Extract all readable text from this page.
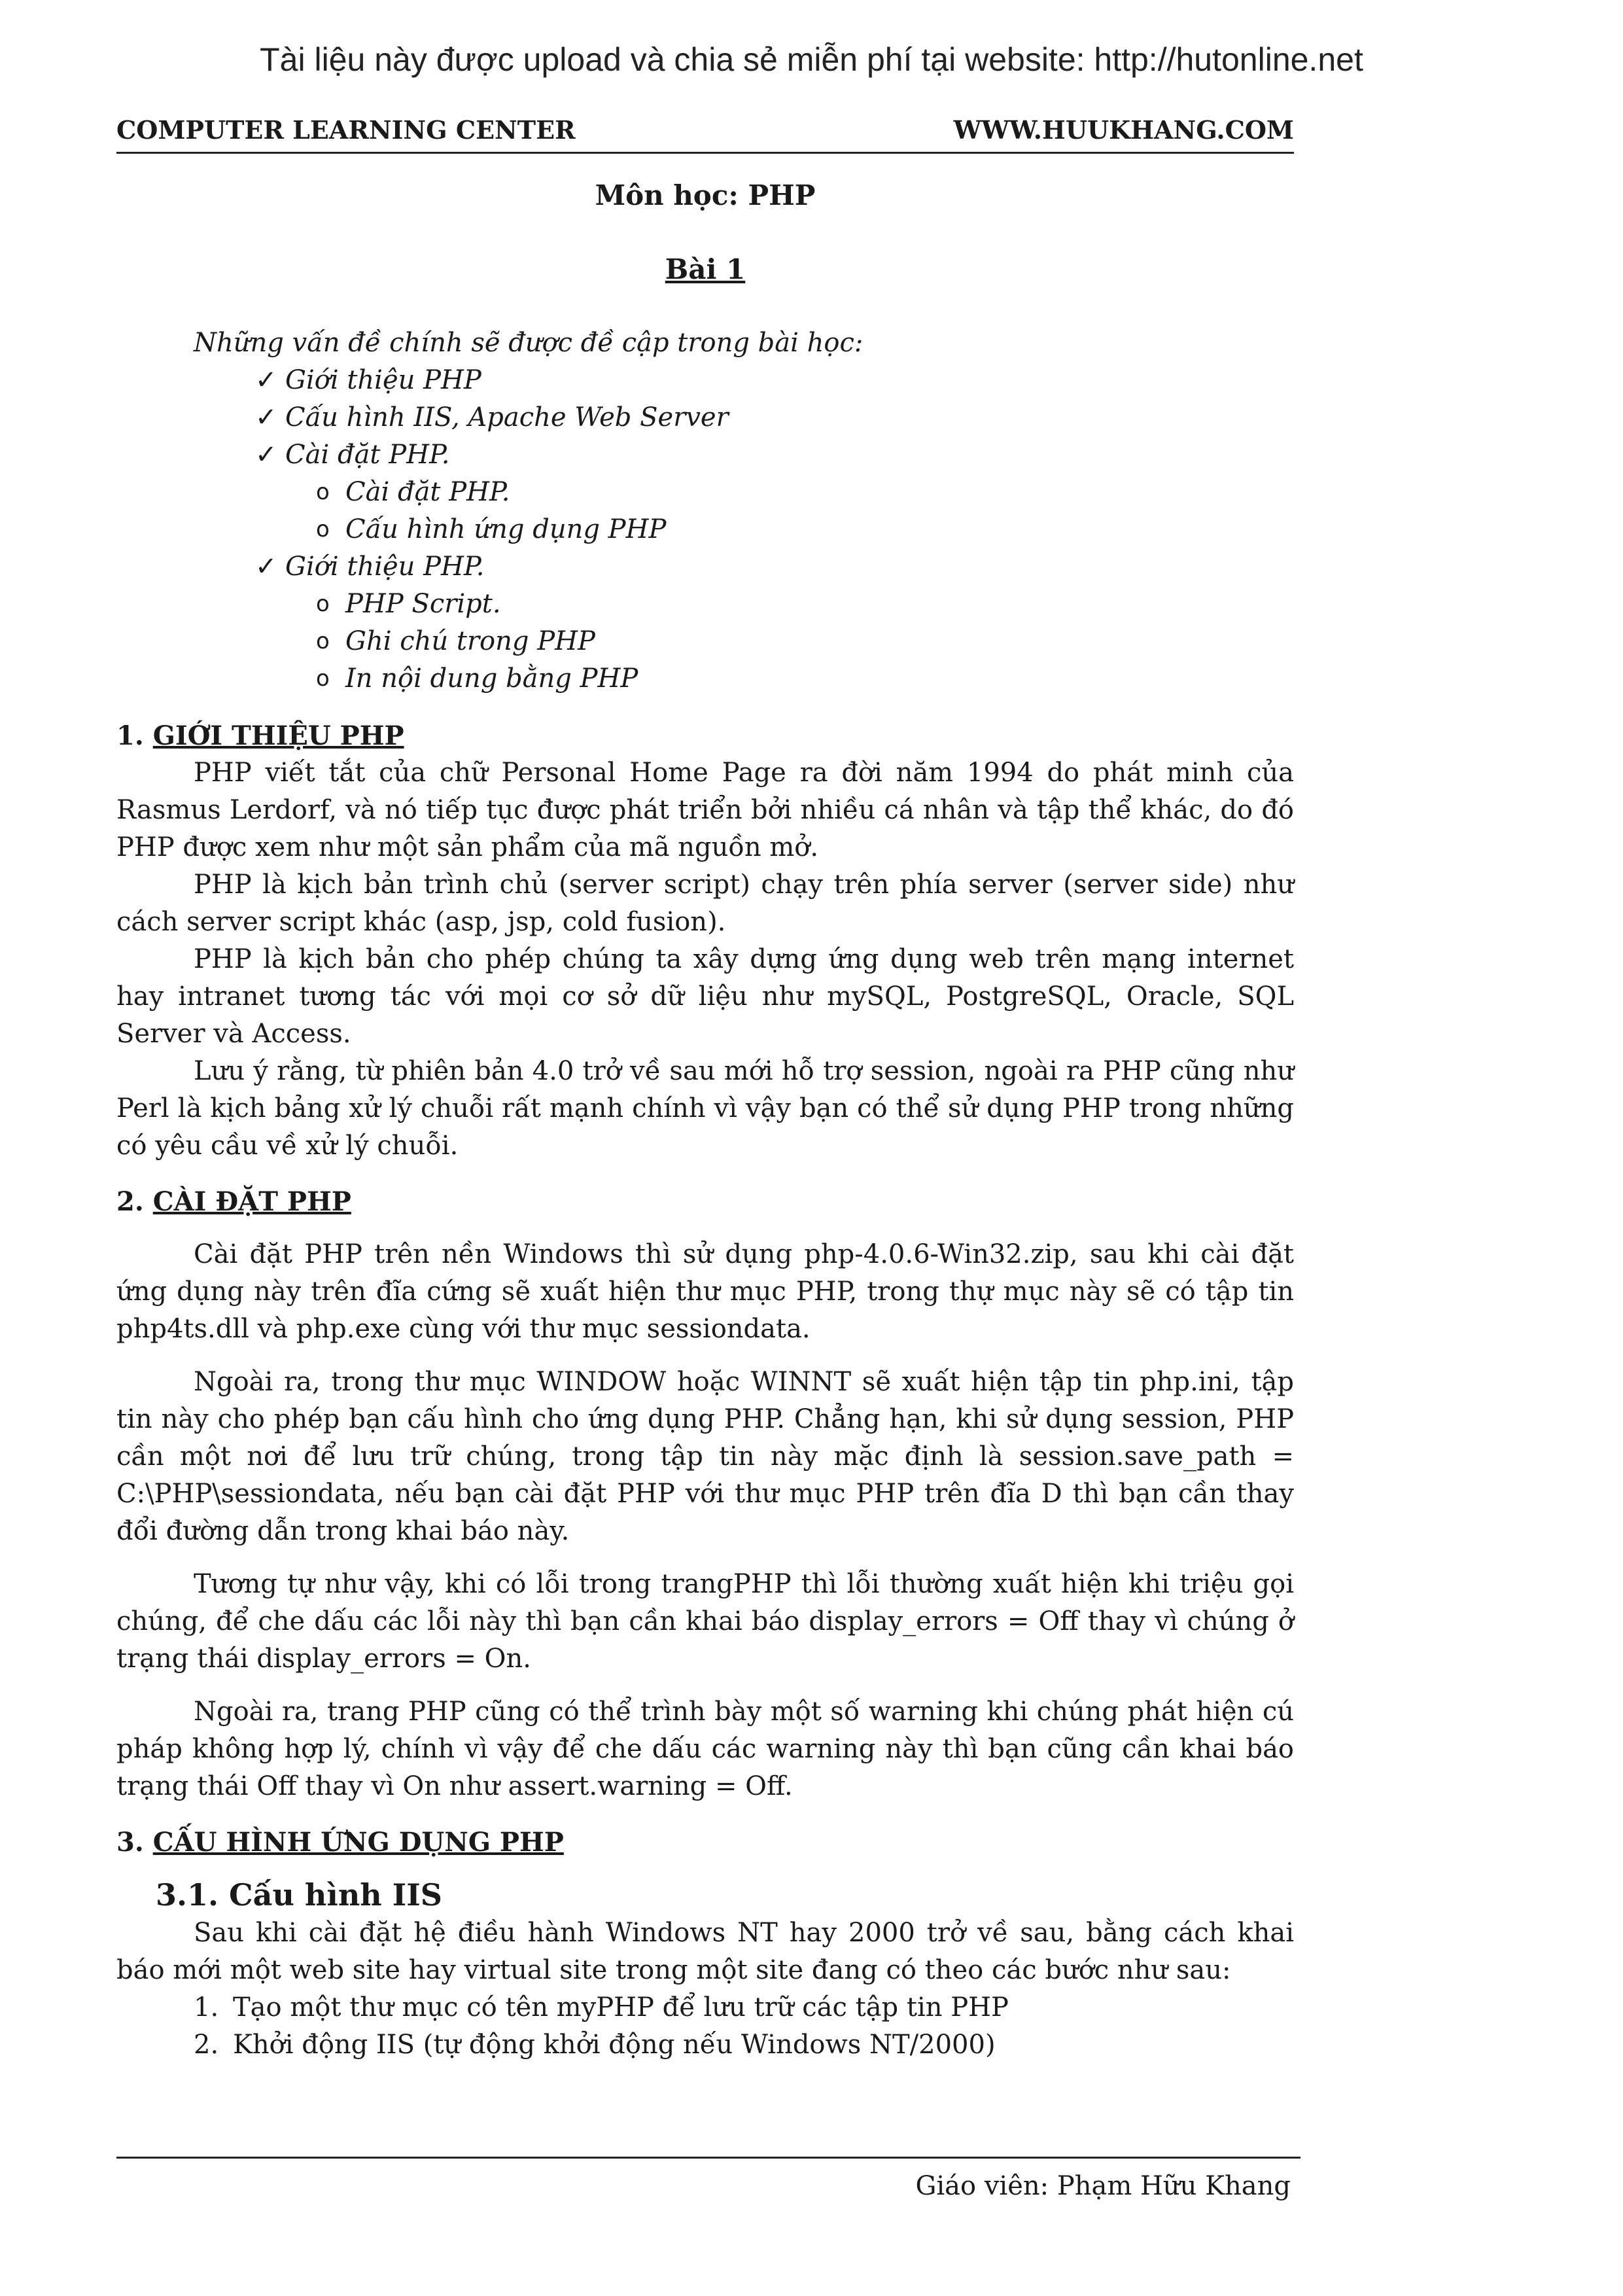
Tài liệu này được upload và chia sẻ miễn phí tại website: http://hutonline.net
COMPUTER LEARNING CENTER	WWW.HUUKHANG.COM
Môn học: PHP
Bài 1
Những vấn đề chính sẽ được đề cập trong bài học:
✓ Giới thiệu PHP
✓ Cấu hình IIS, Apache Web Server
✓ Cài đặt PHP.
o Cài đặt PHP.
o Cấu hình ứng dụng PHP
✓ Giới thiệu PHP.
o PHP Script.
o Ghi chú trong PHP
o In nội dung bằng PHP
1. GIỚI THIỆU PHP

PHP viết tắt của chữ Personal Home Page ra đời năm 1994 do phát minh của Rasmus Lerdorf, và nó tiếp tục được phát triển bởi nhiều cá nhân và tập thể khác, do đó PHP được xem như một sản phẩm của mã nguồn mở.

PHP là kịch bản trình chủ (server script) chạy trên phía server (server side) như cách server script khác (asp, jsp, cold fusion).

PHP là kịch bản cho phép chúng ta xây dựng ứng dụng web trên mạng internet hay intranet tương tác với mọi cơ sở dữ liệu như mySQL, PostgreSQL, Oracle, SQL Server và Access.

Lưu ý rằng, từ phiên bản 4.0 trở về sau mới hỗ trợ session, ngoài ra PHP cũng như Perl là kịch bảng xử lý chuỗi rất mạnh chính vì vậy bạn có thể sử dụng PHP trong những có yêu cầu về xử lý chuỗi.

2. CÀI ĐẶT PHP

Cài đặt PHP trên nền Windows thì sử dụng php-4.0.6-Win32.zip, sau khi cài đặt ứng dụng này trên đĩa cứng sẽ xuất hiện thư mục PHP, trong thự mục này sẽ có tập tin php4ts.dll và php.exe cùng với thư mục sessiondata.

Ngoài ra, trong thư mục WINDOW hoặc WINNT sẽ xuất hiện tập tin php.ini, tập tin này cho phép bạn cấu hình cho ứng dụng PHP. Chẳng hạn, khi sử dụng session, PHP cần một nơi để lưu trữ chúng, trong tập tin này mặc định là session.save_path = C:\PHP\sessiondata, nếu bạn cài đặt PHP với thư mục PHP trên đĩa D thì bạn cần thay đổi đường dẫn trong khai báo này.

Tương tự như vậy, khi có lỗi trong trangPHP thì lỗi thường xuất hiện khi triệu gọi chúng, để che dấu các lỗi này thì bạn cần khai báo display_errors = Off thay vì chúng ở trạng thái display_errors = On.

Ngoài ra, trang PHP cũng có thể trình bày một số warning khi chúng phát hiện cú pháp không hợp lý, chính vì vậy để che dấu các warning này thì bạn cũng cần khai báo trạng thái Off thay vì On như assert.warning = Off.

3. CẤU HÌNH ỨNG DỤNG PHP
3.1. Cấu hình IIS

Sau khi cài đặt hệ điều hành Windows NT hay 2000 trở về sau, bằng cách khai báo mới một web site hay virtual site trong một site đang có theo các bước như sau:

1. Tạo một thư mục có tên myPHP để lưu trữ các tập tin PHP
2. Khởi động IIS (tự động khởi động nếu Windows NT/2000)
Giáo viên: Phạm Hữu Khang
